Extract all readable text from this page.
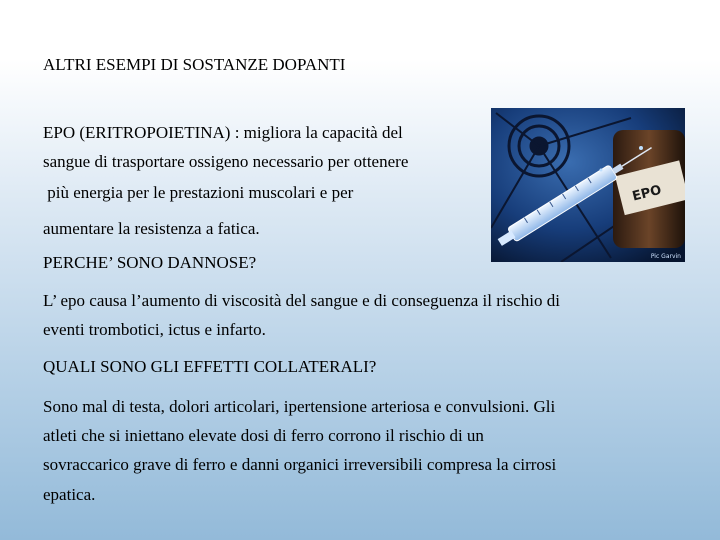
ALTRI ESEMPI DI SOSTANZE DOPANTI
EPO (ERITROPOIETINA) : migliora la capacità del
sangue di trasportare ossigeno necessario per ottenere
più energia per le prestazioni muscolari e per
aumentare la resistenza a fatica.
PERCHE’ SONO DANNOSE?
L’ epo causa l’aumento di viscosità del sangue e di conseguenza il rischio di
eventi trombotici, ictus e infarto.
QUALI SONO GLI EFFETTI COLLATERALI?
Sono mal di testa, dolori articolari, ipertensione arteriosa e convulsioni. Gli
atleti che si iniettano elevate dosi di ferro corrono il rischio di un
sovraccarico grave di ferro e danni organici irreversibili compresa la cirrosi
epatica.
EPO
Pic Garvin
